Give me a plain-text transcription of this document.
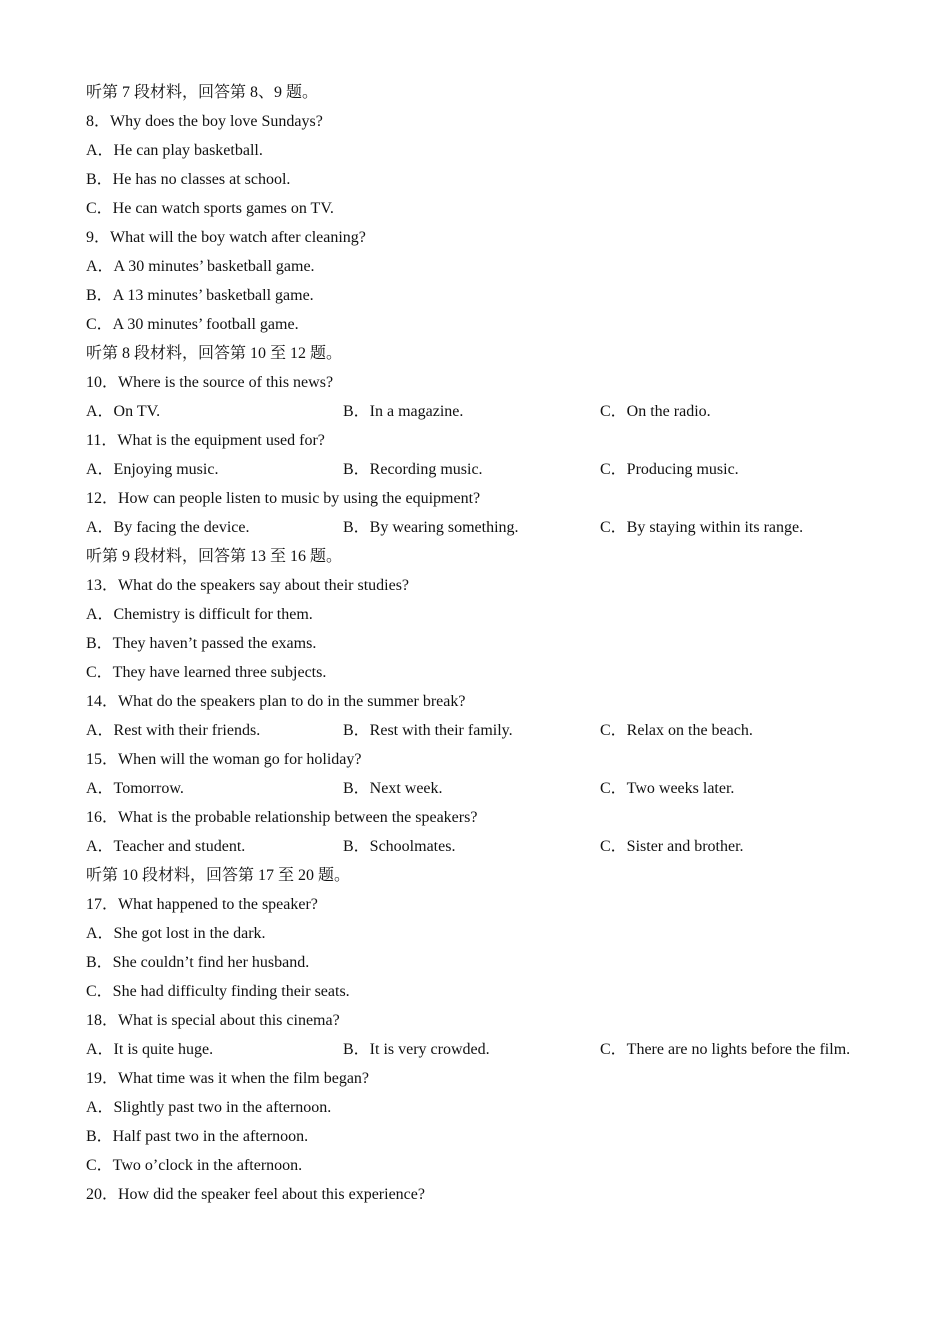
听第 7 段材料，回答第 8、9 题。
8．Why does the boy love Sundays?
A．He can play basketball.
B．He has no classes at school.
C．He can watch sports games on TV.
9．What will the boy watch after cleaning?
A．A 30 minutes’ basketball game.
B．A 13 minutes’ basketball game.
C．A 30 minutes’ football game.
听第 8 段材料，回答第 10 至 12 题。
10．Where is the source of this news?
A．On TV.	B．In a magazine.	C．On the radio.
11．What is the equipment used for?
A．Enjoying music.	B．Recording music.	C．Producing music.
12．How can people listen to music by using the equipment?
A．By facing the device.	B．By wearing something.	C．By staying within its range.
听第 9 段材料，回答第 13 至 16 题。
13．What do the speakers say about their studies?
A．Chemistry is difficult for them.
B．They haven’t passed the exams.
C．They have learned three subjects.
14．What do the speakers plan to do in the summer break?
A．Rest with their friends.	B．Rest with their family.	C．Relax on the beach.
15．When will the woman go for holiday?
A．Tomorrow.	B．Next week.	C．Two weeks later.
16．What is the probable relationship between the speakers?
A．Teacher and student.	B．Schoolmates.	C．Sister and brother.
听第 10 段材料，回答第 17 至 20 题。
17．What happened to the speaker?
A．She got lost in the dark.
B．She couldn’t find her husband.
C．She had difficulty finding their seats.
18．What is special about this cinema?
A．It is quite huge.	B．It is very crowded.	C．There are no lights before the film.
19．What time was it when the film began?
A．Slightly past two in the afternoon.
B．Half past two in the afternoon.
C．Two o’clock in the afternoon.
20．How did the speaker feel about this experience?
